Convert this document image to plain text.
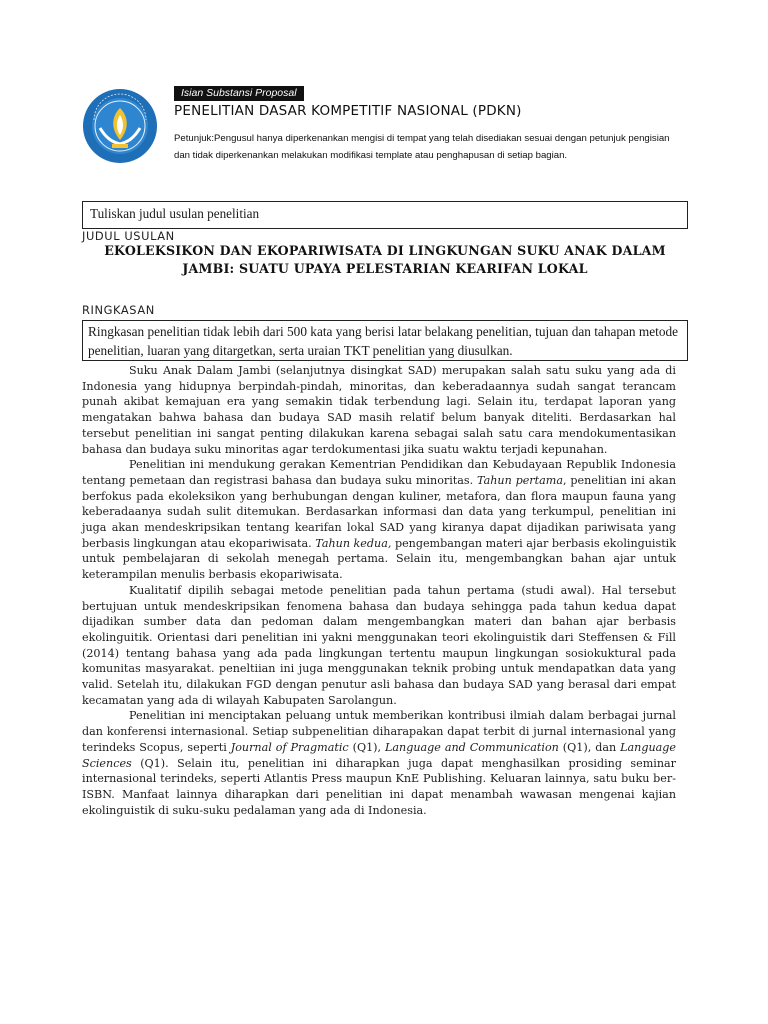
Isian Substansi Proposal
PENELITIAN DASAR KOMPETITIF NASIONAL (PDKN)
Petunjuk:Pengusul hanya diperkenankan mengisi di tempat yang telah disediakan sesuai dengan petunjuk pengisian dan tidak diperkenankan melakukan modifikasi template atau penghapusan di setiap bagian.
Tuliskan judul usulan penelitian
JUDUL USULAN
EKOLEKSIKON DAN EKOPARIWISATA DI LINGKUNGAN SUKU ANAK DALAM
JAMBI: SUATU UPAYA PELESTARIAN KEARIFAN LOKAL
RINGKASAN
Ringkasan penelitian tidak lebih dari 500 kata yang berisi latar belakang penelitian, tujuan dan tahapan metode penelitian, luaran yang ditargetkan, serta uraian TKT penelitian yang diusulkan.

Suku Anak Dalam Jambi (selanjutnya disingkat SAD) merupakan salah satu suku yang ada di Indonesia yang hidupnya berpindah-pindah, minoritas, dan keberadaannya sudah sangat terancam punah akibat kemajuan era yang semakin tidak terbendung lagi. Selain itu, terdapat laporan yang mengatakan bahwa bahasa dan budaya SAD masih relatif belum banyak diteliti. Berdasarkan hal tersebut penelitian ini sangat penting dilakukan karena sebagai salah satu cara mendokumentasikan bahasa dan budaya suku minoritas agar terdokumentasi jika suatu waktu terjadi kepunahan.

Penelitian ini mendukung gerakan Kementrian Pendidikan dan Kebudayaan Republik Indonesia tentang pemetaan dan registrasi bahasa dan budaya suku minoritas. Tahun pertama, penelitian ini akan berfokus pada ekoleksikon yang berhubungan dengan kuliner, metafora, dan flora maupun fauna yang keberadaanya sudah sulit ditemukan. Berdasarkan informasi dan data yang terkumpul, penelitian ini juga akan mendeskripsikan tentang kearifan lokal SAD yang kiranya dapat dijadikan pariwisata yang berbasis lingkungan atau ekopariwisata. Tahun kedua, pengembangan materi ajar berbasis ekolinguistik untuk pembelajaran di sekolah menegah pertama. Selain itu, mengembangkan bahan ajar untuk keterampilan menulis berbasis ekopariwisata.

Kualitatif dipilih sebagai metode penelitian pada tahun pertama (studi awal). Hal tersebut bertujuan untuk mendeskripsikan fenomena bahasa dan budaya sehingga pada tahun kedua dapat dijadikan sumber data dan pedoman dalam mengembangkan materi dan bahan ajar berbasis ekolinguitik. Orientasi dari penelitian ini yakni menggunakan teori ekolinguistik dari Steffensen & Fill (2014) tentang bahasa yang ada pada lingkungan tertentu maupun lingkungan sosiokuktural pada komunitas masyarakat. peneltiian ini juga menggunakan teknik probing untuk mendapatkan data yang valid. Setelah itu, dilakukan FGD dengan penutur asli bahasa dan budaya SAD yang berasal dari empat kecamatan yang ada di wilayah Kabupaten Sarolangun.

Penelitian ini menciptakan peluang untuk memberikan kontribusi ilmiah dalam berbagai jurnal dan konferensi internasional. Setiap subpenelitian diharapakan dapat terbit di jurnal internasional yang terindeks Scopus, seperti Journal of Pragmatic (Q1), Language and Communication (Q1), dan Language Sciences (Q1). Selain itu, penelitian ini diharapkan juga dapat menghasilkan prosiding seminar internasional terindeks, seperti Atlantis Press maupun KnE Publishing. Keluaran lainnya, satu buku ber-ISBN. Manfaat lainnya diharapkan dari penelitian ini dapat menambah wawasan mengenai kajian ekolinguistik di suku-suku pedalaman yang ada di Indonesia.
